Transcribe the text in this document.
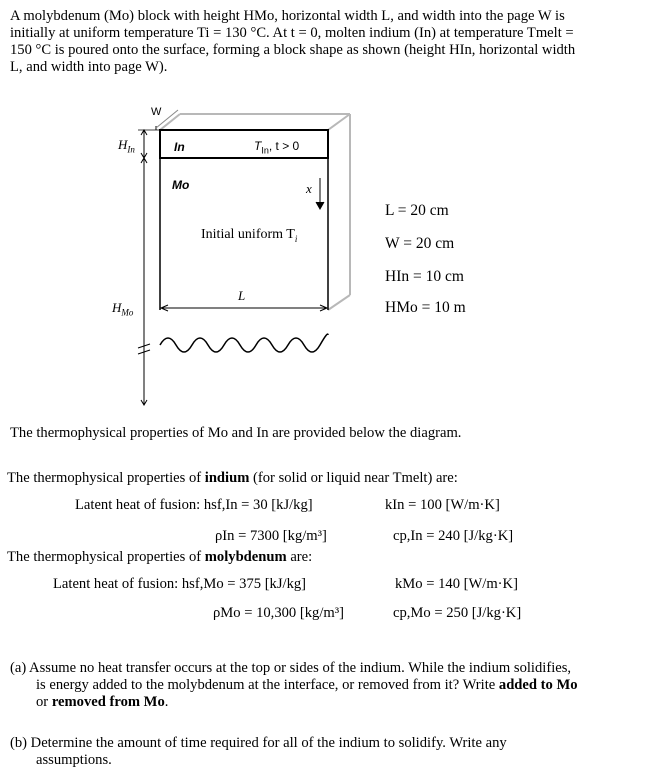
A molybdenum (Mo) block with height HMo, horizontal width L, and width into the page W is
initially at uniform temperature Ti = 130 °C. At t = 0, molten indium (In) at temperature Tmelt =
150 °C is poured onto the surface, forming a block shape as shown (height HIn, horizontal width
L, and width into page W).
W
$H_{In}$	In	$T_{In}$, t > 0
Mo	x
Initial uniform $T_i$
L
$H_{Mo}$
L = 20 cm
W = 20 cm
HIn = 10 cm
HMo = 10 m
The thermophysical properties of Mo and In are provided below the diagram.
The thermophysical properties of indium (for solid or liquid near Tmelt) are:
Latent heat of fusion: hsf,In = 30 [kJ/kg]	kIn = 100 [W/m·K]
ρIn = 7300 [kg/m³]	cp,In = 240 [J/kg·K]
The thermophysical properties of molybdenum are:
Latent heat of fusion: hsf,Mo = 375 [kJ/kg]	kMo = 140 [W/m·K]
ρMo = 10,300 [kg/m³]	cp,Mo = 250 [J/kg·K]
(a) Assume no heat transfer occurs at the top or sides of the indium. While the indium solidifies,
is energy added to the molybdenum at the interface, or removed from it? Write added to Mo
or removed from Mo.
(b) Determine the amount of time required for all of the indium to solidify. Write any
assumptions.
